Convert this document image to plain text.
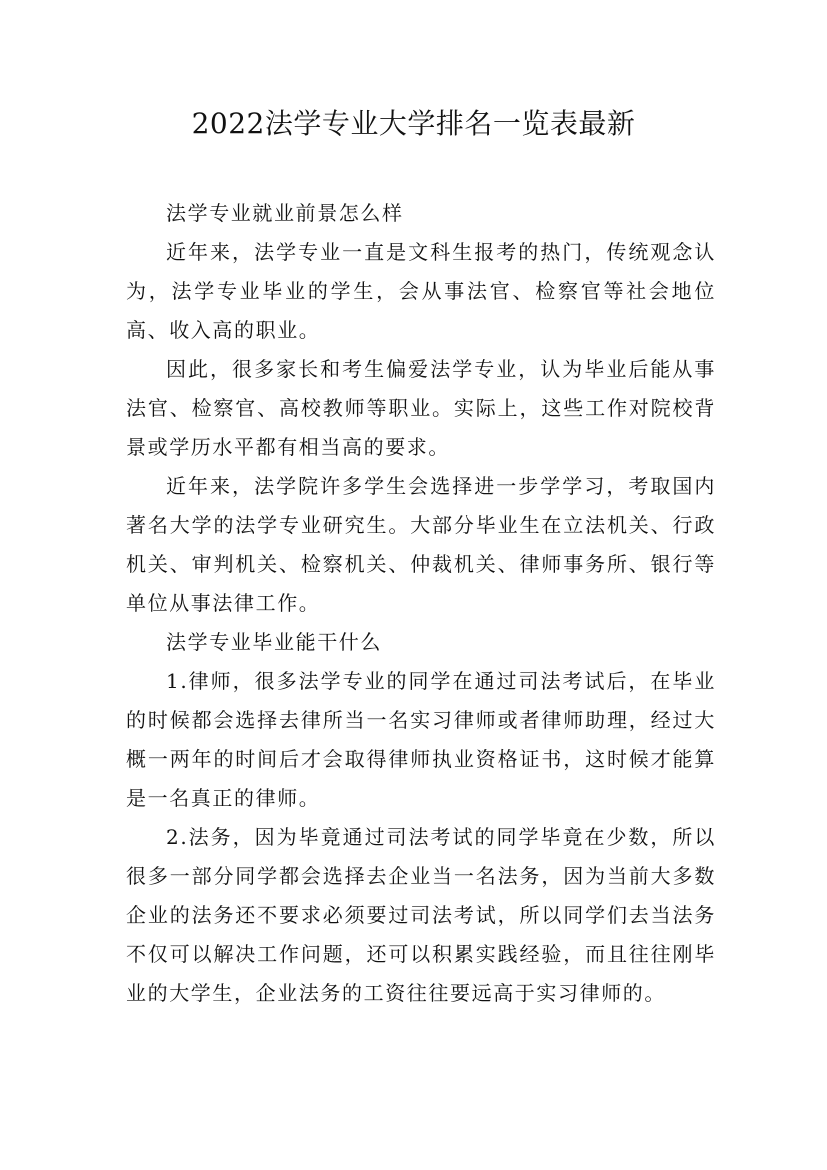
2022法学专业大学排名一览表最新

法学专业就业前景怎么样

近年来，法学专业一直是文科生报考的热门，传统观念认为，法学专业毕业的学生，会从事法官、检察官等社会地位高、收入高的职业。

因此，很多家长和考生偏爱法学专业，认为毕业后能从事法官、检察官、高校教师等职业。实际上，这些工作对院校背景或学历水平都有相当高的要求。

近年来，法学院许多学生会选择进一步学学习，考取国内著名大学的法学专业研究生。大部分毕业生在立法机关、行政机关、审判机关、检察机关、仲裁机关、律师事务所、银行等单位从事法律工作。

法学专业毕业能干什么

1.律师，很多法学专业的同学在通过司法考试后，在毕业的时候都会选择去律所当一名实习律师或者律师助理，经过大概一两年的时间后才会取得律师执业资格证书，这时候才能算是一名真正的律师。

2.法务，因为毕竟通过司法考试的同学毕竟在少数，所以很多一部分同学都会选择去企业当一名法务，因为当前大多数企业的法务还不要求必须要过司法考试，所以同学们去当法务不仅可以解决工作问题，还可以积累实践经验，而且往往刚毕业的大学生，企业法务的工资往往要远高于实习律师的。
